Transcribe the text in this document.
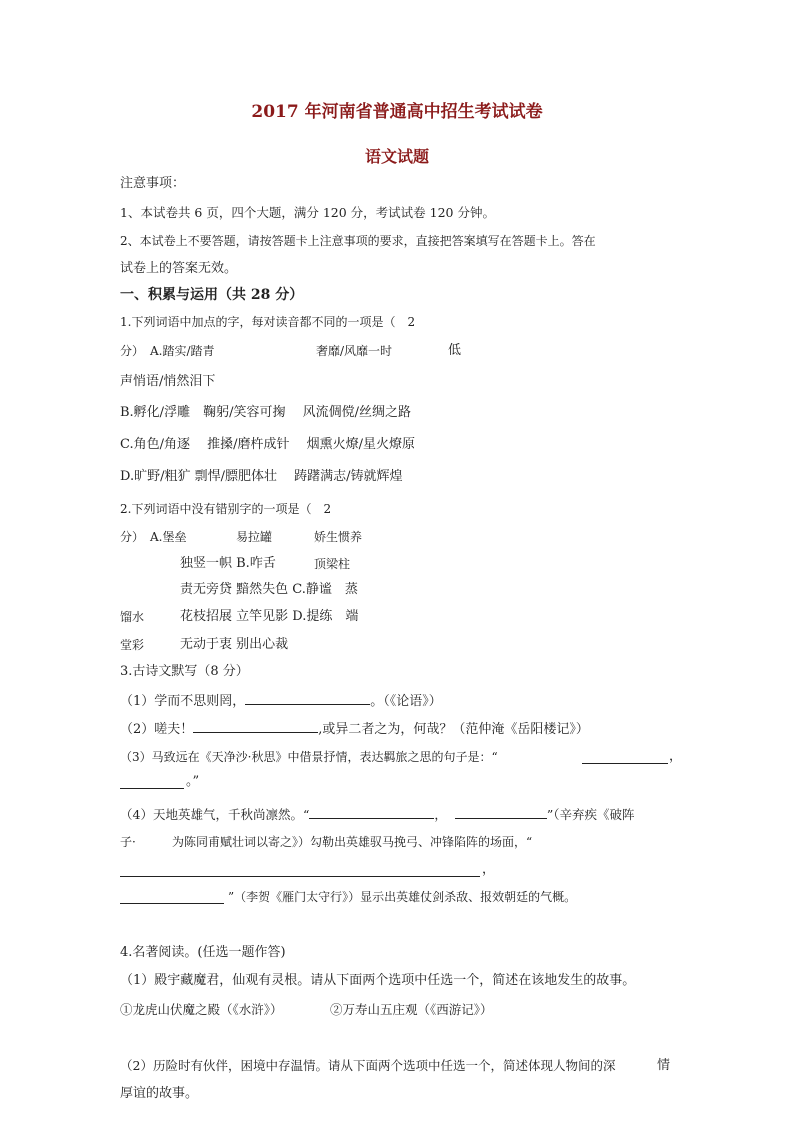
2017 年河南省普通高中招生考试试卷
语文试题
注意事项：
1、本试卷共 6 页，四个大题，满分 120 分，考试试卷 120 分钟。
2、本试卷上不要答题，请按答题卡上注意事项的要求，直接把答案填写在答题卡上。答在
试卷上的答案无效。
一、积累与运用（共 28 分）
1.下列词语中加点的字，每对读音都不同的一项是（　2
分）　A.踏实/踏青	奢靡/风靡一时	低
声悄语/悄然泪下
B.孵化/浮雕　鞠躬/笑容可掬　 风流倜傥/丝绸之路
C.角色/角逐　 推搡/磨杵成针　 烟熏火燎/星火燎原
D.旷野/粗犷 剽悍/膘肥体壮　 踌躇满志/铸就辉煌
2.下列词语中没有错别字的一项是（　2
分）　A.堡垒	易拉罐	娇生惯养
独竖一帜 B.咋舌	顶梁柱
责无旁贷 黯然失色 C.静谧　蒸
馏水	花枝招展 立竿见影 D.提练　端
堂彩	无动于衷 别出心裁
3.古诗文默写（8 分）
（1）学而不思则罔，	。（《论语》）
（2）嗟夫！	,或异二者之为，何哉？（范仲淹《岳阳楼记》）
（3）马致远在《天净沙·秋思》中借景抒情，表达羁旅之思的句子是：“	，
。”
（4）天地英雄气，千秋尚凛然。“	，	”（辛弃疾《破阵
子·	为陈同甫赋壮词以寄之》）勾勒出英雄驭马挽弓、冲锋陷阵的场面，“
，
”（李贺《雁门太守行》）显示出英雄仗剑杀敌、报效朝廷的气概。
4.名著阅读。(任选一题作答)
（1）殿宇藏魔君，仙观有灵根。请从下面两个选项中任选一个，简述在该地发生的故事。
①龙虎山伏魔之殿（《水浒》）	②万寿山五庄观（《西游记》）
（2）历险时有伙伴，困境中存温情。请从下面两个选项中任选一个，简述体现人物间的深	情
厚谊的故事。
